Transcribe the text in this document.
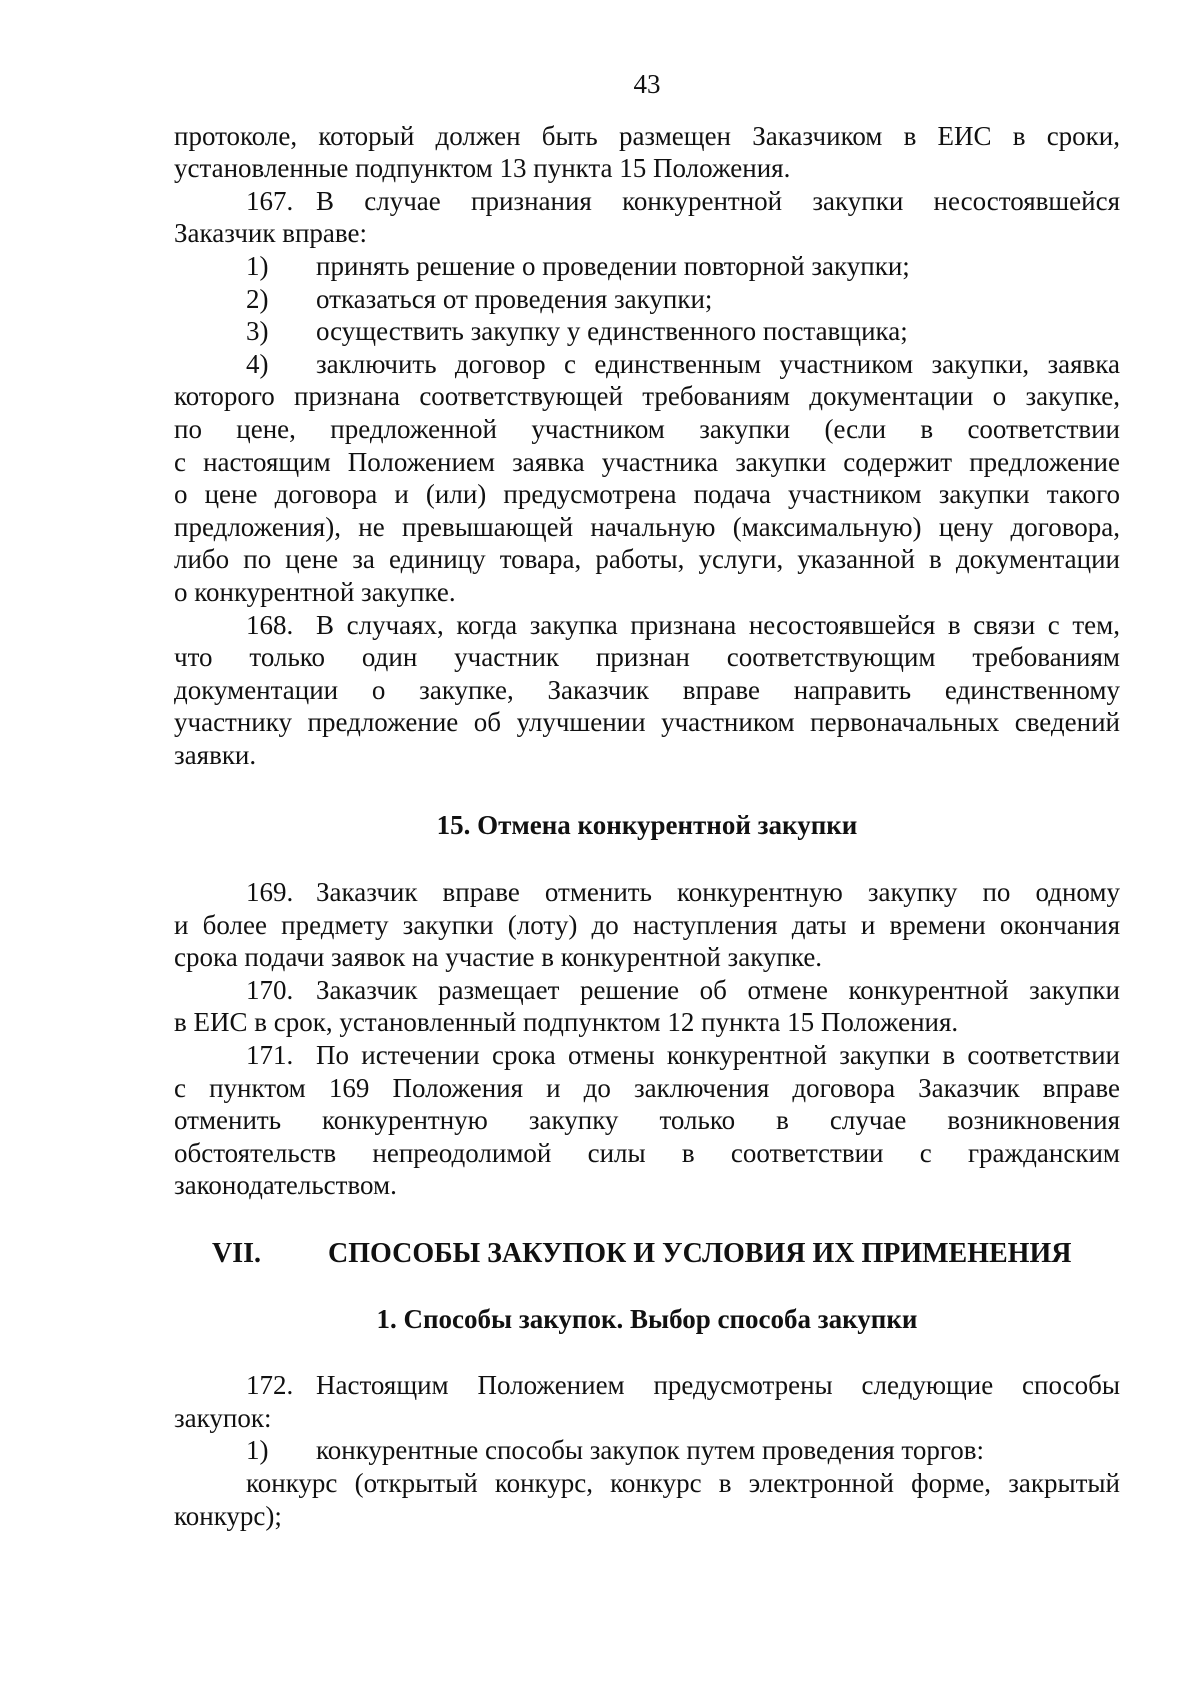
43

протоколе, который должен быть размещен Заказчиком в ЕИС в сроки,

установленные подпунктом 13 пункта 15 Положения.

167. В случае признания конкурентной закупки несостоявшейся

Заказчик вправе:

1) принять решение о проведении повторной закупки;

2) отказаться от проведения закупки;

3) осуществить закупку у единственного поставщика;

4) заключить договор с единственным участником закупки, заявка

которого признана соответствующей требованиям документации о закупке,

по цене, предложенной участником закупки (если в соответствии

с настоящим Положением заявка участника закупки содержит предложение

о цене договора и (или) предусмотрена подача участником закупки такого

предложения), не превышающей начальную (максимальную) цену договора,

либо по цене за единицу товара, работы, услуги, указанной в документации

о конкурентной закупке.

168. В случаях, когда закупка признана несостоявшейся в связи с тем,

что только один участник признан соответствующим требованиям

документации о закупке, Заказчик вправе направить единственному

участнику предложение об улучшении участником первоначальных сведений

заявки.

15. Отмена конкурентной закупки

169. Заказчик вправе отменить конкурентную закупку по одному

и более предмету закупки (лоту) до наступления даты и времени окончания

срока подачи заявок на участие в конкурентной закупке.

170. Заказчик размещает решение об отмене конкурентной закупки

в ЕИС в срок, установленный подпунктом 12 пункта 15 Положения.

171. По истечении срока отмены конкурентной закупки в соответствии

с пунктом 169 Положения и до заключения договора Заказчик вправе

отменить конкурентную закупку только в случае возникновения

обстоятельств непреодолимой силы в соответствии с гражданским

законодательством.

VII.	СПОСОБЫ ЗАКУПОК И УСЛОВИЯ ИХ ПРИМЕНЕНИЯ
1. Способы закупок. Выбор способа закупки

172. Настоящим Положением предусмотрены следующие способы

закупок:

1) конкурентные способы закупок путем проведения торгов:

конкурс (открытый конкурс, конкурс в электронной форме, закрытый

конкурс);
